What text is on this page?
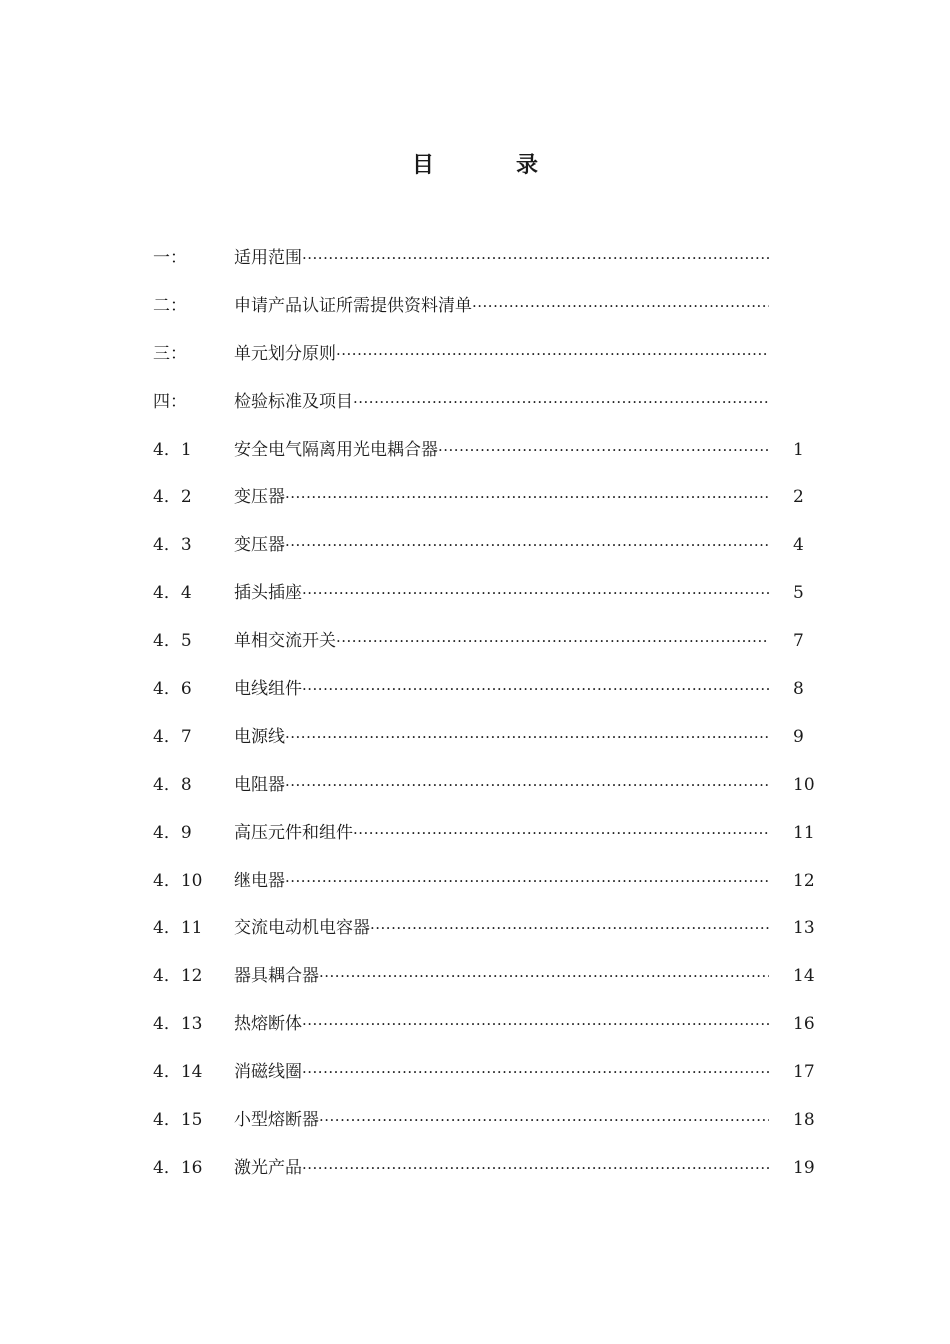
目　录
一：	适用范围
·····
二：	申请产品认证所需提供资料清单
·····
三：	单元划分原则
·····
四：	检验标准及项目
·····
4．1	安全电气隔离用光电耦合器 ·····	1
4．2	变压器 ·····	2
4．3	变压器 ·····	4
4．4	插头插座 ·····	5
4．5	单相交流开关 ·····	7
4．6	电线组件 ·····	8
4．7	电源线 ·····	9
4．8	电阻器 ·····	10
4．9	高压元件和组件 ·····	11
4．10	继电器 ·····	12
4．11	交流电动机电容器 ·····	13
4．12	器具耦合器 ·····	14
4．13	热熔断体 ·····	16
4．14	消磁线圈 ·····	17
4．15	小型熔断器 ·····	18
4．16	激光产品 ·····	19
